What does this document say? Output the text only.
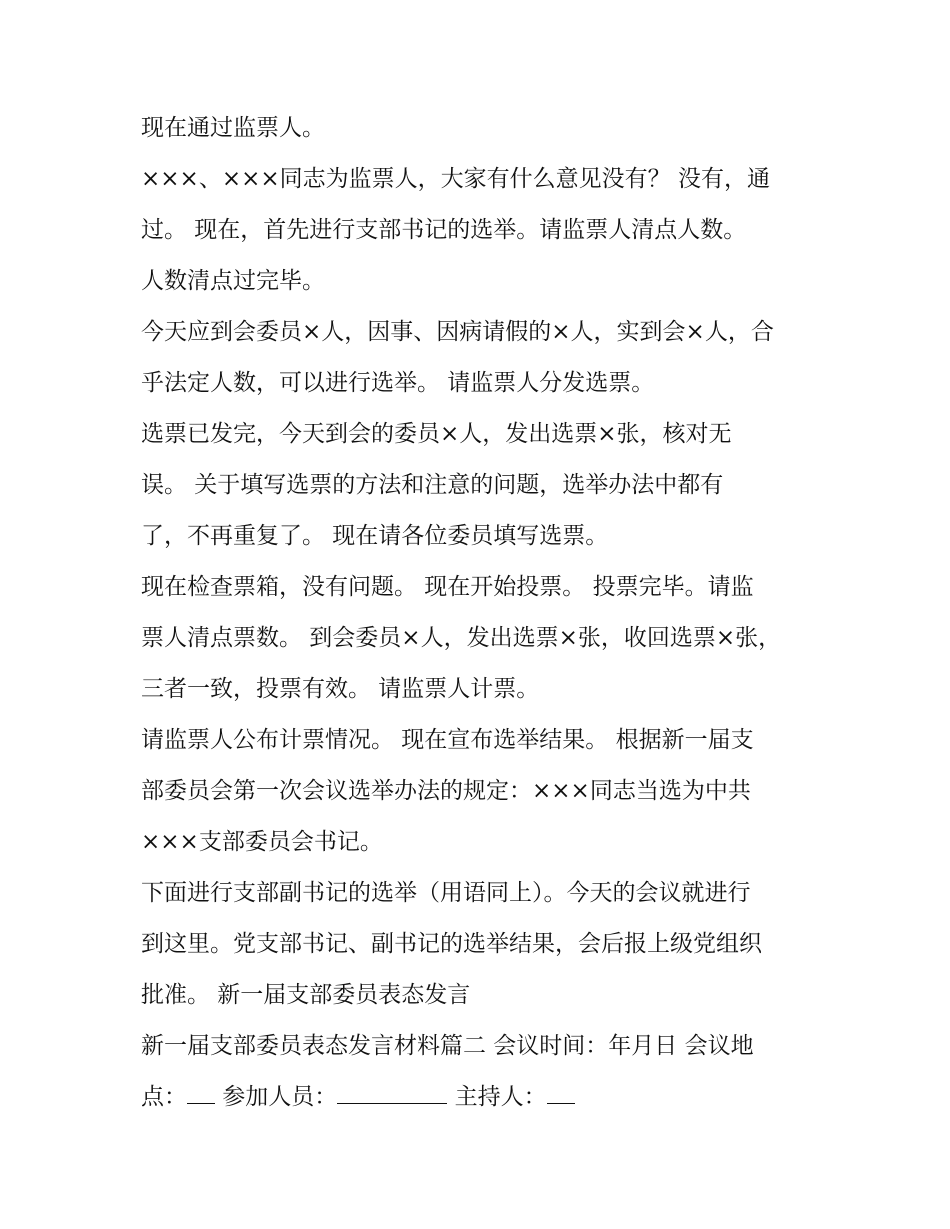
现在通过监票人。
×××、×××同志为监票人，大家有什么意见没有？ 没有，通
过。 现在，首先进行支部书记的选举。请监票人清点人数。
人数清点过完毕。
今天应到会委员×人，因事、因病请假的×人，实到会×人，合
乎法定人数，可以进行选举。 请监票人分发选票。
选票已发完，今天到会的委员×人，发出选票×张，核对无
误。 关于填写选票的方法和注意的问题，选举办法中都有
了，不再重复了。 现在请各位委员填写选票。
现在检查票箱，没有问题。 现在开始投票。 投票完毕。请监
票人清点票数。 到会委员×人，发出选票×张，收回选票×张，
三者一致，投票有效。 请监票人计票。
请监票人公布计票情况。 现在宣布选举结果。 根据新一届支
部委员会第一次会议选举办法的规定：×××同志当选为中共
×××支部委员会书记。
下面进行支部副书记的选举（用语同上）。今天的会议就进行
到这里。党支部书记、副书记的选举结果，会后报上级党组织
批准。 新一届支部委员表态发言
新一届支部委员表态发言材料篇二 会议时间：年月日 会议地
点： 参加人员：	主持人：
